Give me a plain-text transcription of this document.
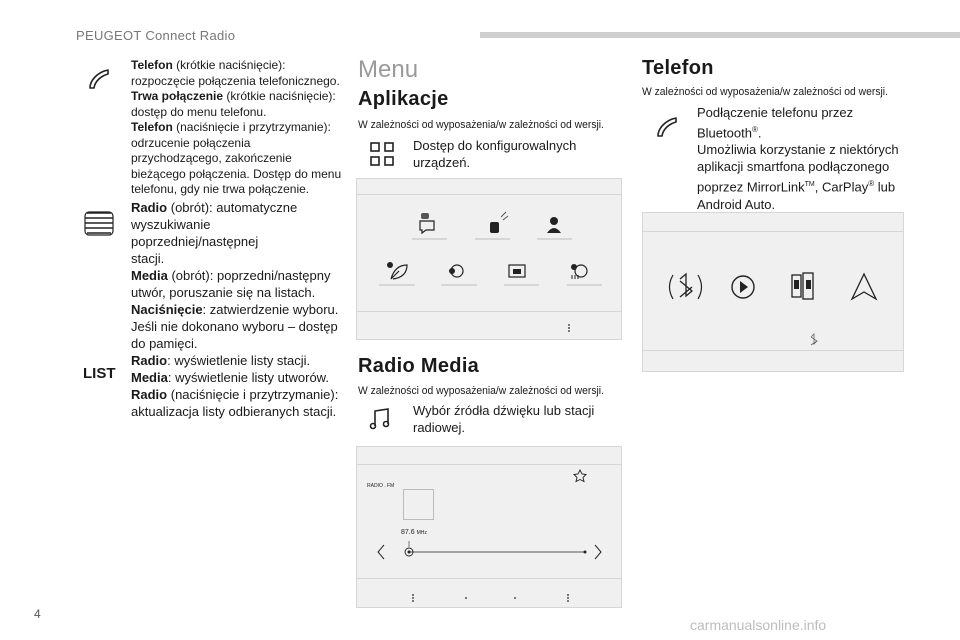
PEUGEOT Connect Radio
4
carmanualsonline.info
Telefon (krótkie naciśnięcie):
rozpoczęcie połączenia telefonicznego.
Trwa połączenie (krótkie naciśnięcie):
dostęp do menu telefonu.
Telefon (naciśnięcie i przytrzymanie):
odrzucenie połączenia
przychodzącego, zakończenie
bieżącego połączenia. Dostęp do menu
telefonu, gdy nie trwa połączenie.
Radio (obrót): automatyczne
wyszukiwanie poprzedniej/następnej
stacji.
Media (obrót): poprzedni/następny
utwór, poruszanie się na listach.
Naciśnięcie: zatwierdzenie wyboru.
Jeśli nie dokonano wyboru – dostęp
do pamięci.
LIST
Radio: wyświetlenie listy stacji.
Media: wyświetlenie listy utworów.
Radio (naciśnięcie i przytrzymanie):
aktualizacja listy odbieranych stacji.
Menu
Aplikacje
W zależności od wyposażenia/w zależności od wersji.
Dostęp do konfigurowalnych
urządzeń.
Radio Media
W zależności od wyposażenia/w zależności od wersji.
Wybór źródła dźwięku lub stacji
radiowej.
RADIO . FM
87.6 MHz
Telefon
W zależności od wyposażenia/w zależności od wersji.
Podłączenie telefonu przez
Bluetooth®.
Umożliwia korzystanie z niektórych
aplikacji smartfona podłączonego
poprzez MirrorLink™, CarPlay® lub
Android Auto.
